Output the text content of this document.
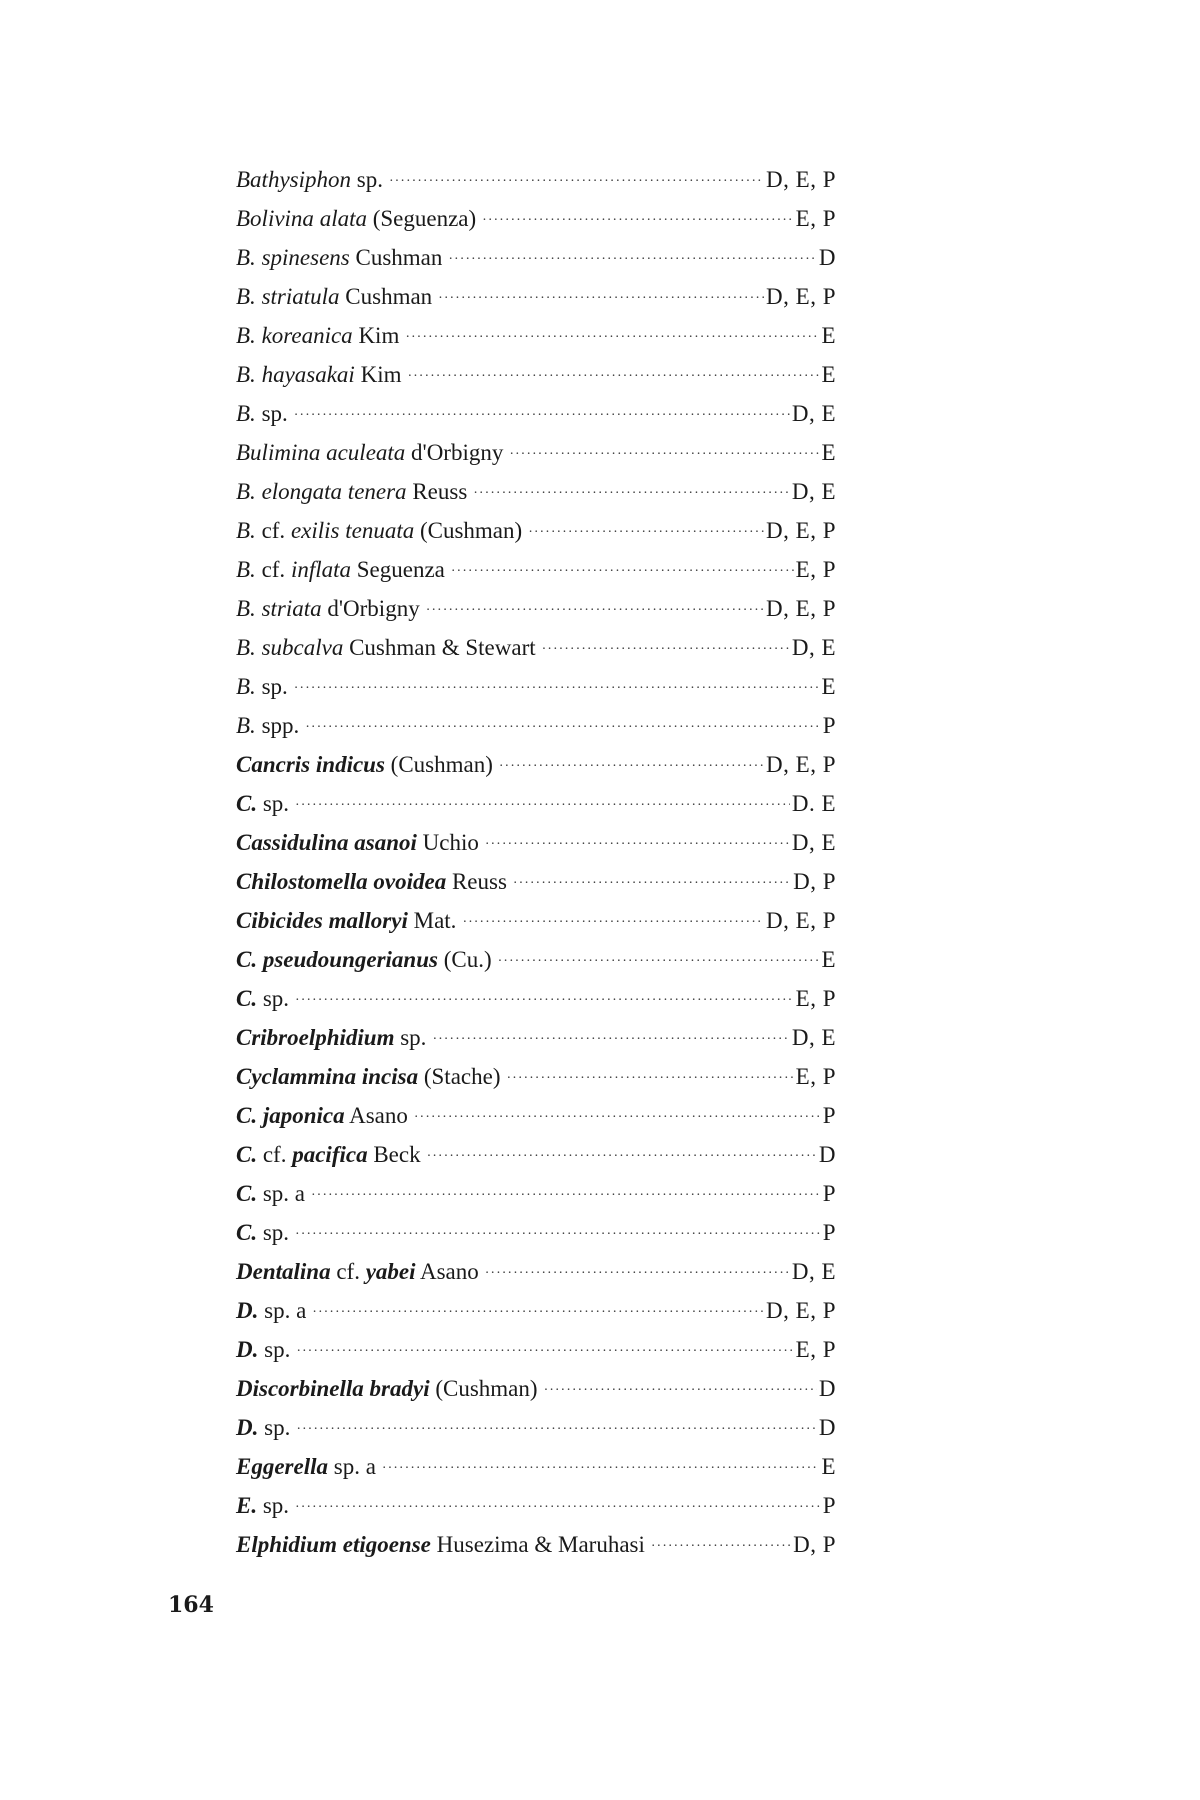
Bathysiphon sp. ·····	D, E, P
Bolivina alata (Seguenza) ·····	E, P
B. spinesens Cushman ·····	D
B. striatula Cushman ·····	D, E, P
B. koreanica Kim ·····	E
B. hayasakai Kim ·····	E
B. sp. ·····	D, E
Bulimina aculeata d'Orbigny ·····	E
B. elongata tenera Reuss ·····	D, E
B. cf. exilis tenuata (Cushman) ·····	D, E, P
B. cf. inflata Seguenza ·····	E, P
B. striata d'Orbigny ·····	D, E, P
B. subcalva Cushman & Stewart ·····	D, E
B. sp. ·····	E
B. spp. ·····	P
Cancris indicus (Cushman) ·····	D, E, P
C. sp. ·····	D. E
Cassidulina asanoi Uchio ·····	D, E
Chilostomella ovoidea Reuss ·····	D, P
Cibicides malloryi Mat. ·····	D, E, P
C. pseudoungerianus (Cu.) ·····	E
C. sp. ·····	E, P
Cribroelphidium sp. ·····	D, E
Cyclammina incisa (Stache) ·····	E, P
C. japonica Asano ·····	P
C. cf. pacifica Beck ·····	D
C. sp. a ·····	P
C. sp. ·····	P
Dentalina cf. yabei Asano ·····	D, E
D. sp. a ·····	D, E, P
D. sp. ·····	E, P
Discorbinella bradyi (Cushman) ·····	D
D. sp. ·····	D
Eggerella sp. a ·····	E
E. sp. ·····	P
Elphidium etigoense Husezima & Maruhasi ·····	D, P
164
